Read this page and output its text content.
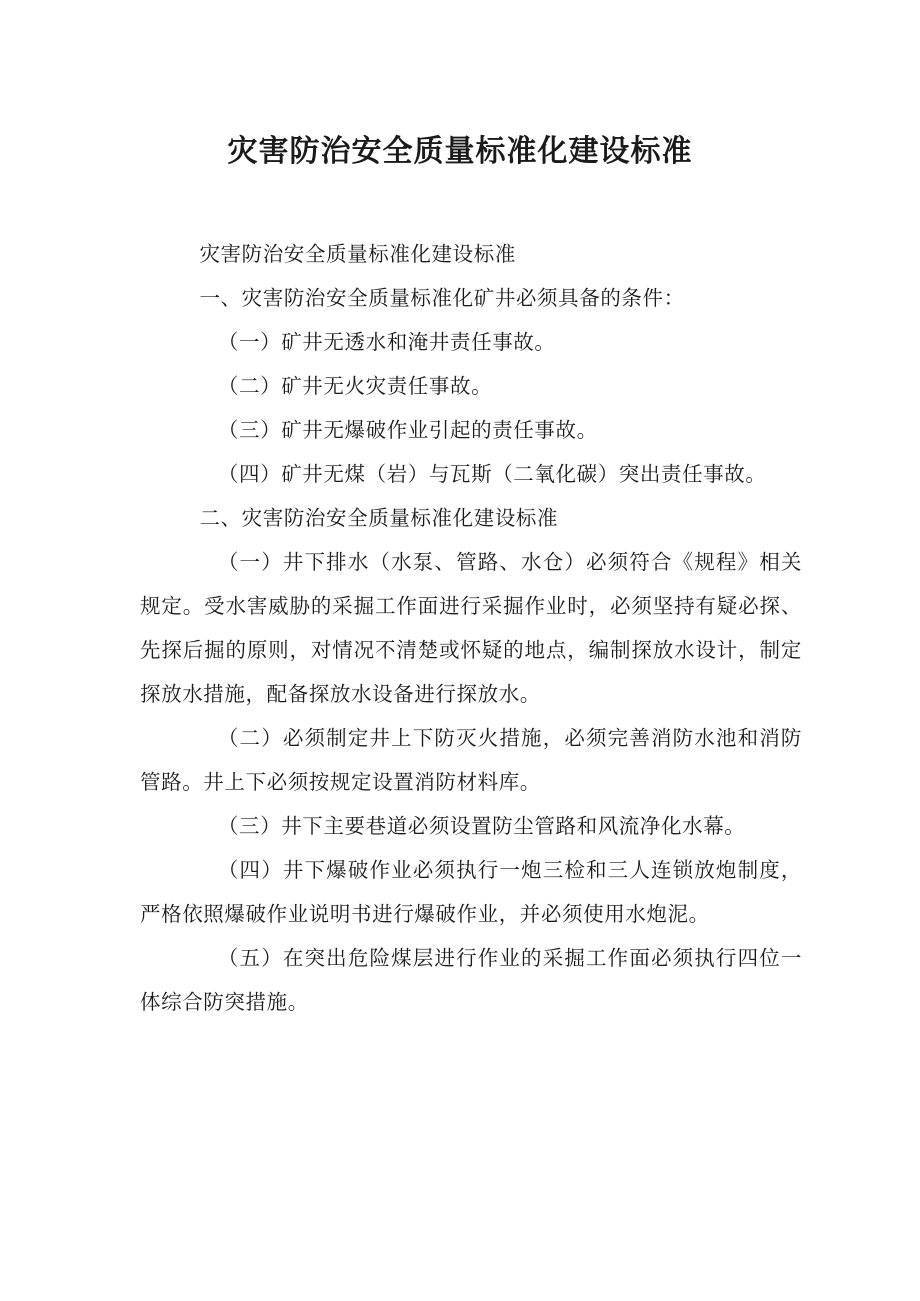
灾害防治安全质量标准化建设标准

灾害防治安全质量标准化建设标准

一、灾害防治安全质量标准化矿井必须具备的条件：

（一）矿井无透水和淹井责任事故。

（二）矿井无火灾责任事故。

（三）矿井无爆破作业引起的责任事故。

（四）矿井无煤（岩）与瓦斯（二氧化碳）突出责任事故。

二、灾害防治安全质量标准化建设标准

（一）井下排水（水泵、管路、水仓）必须符合《规程》相关规定。受水害威胁的采掘工作面进行采掘作业时，必须坚持有疑必探、先探后掘的原则，对情况不清楚或怀疑的地点，编制探放水设计，制定探放水措施，配备探放水设备进行探放水。

（二）必须制定井上下防灭火措施，必须完善消防水池和消防管路。井上下必须按规定设置消防材料库。

（三）井下主要巷道必须设置防尘管路和风流净化水幕。

（四）井下爆破作业必须执行一炮三检和三人连锁放炮制度，严格依照爆破作业说明书进行爆破作业，并必须使用水炮泥。

（五）在突出危险煤层进行作业的采掘工作面必须执行四位一体综合防突措施。
